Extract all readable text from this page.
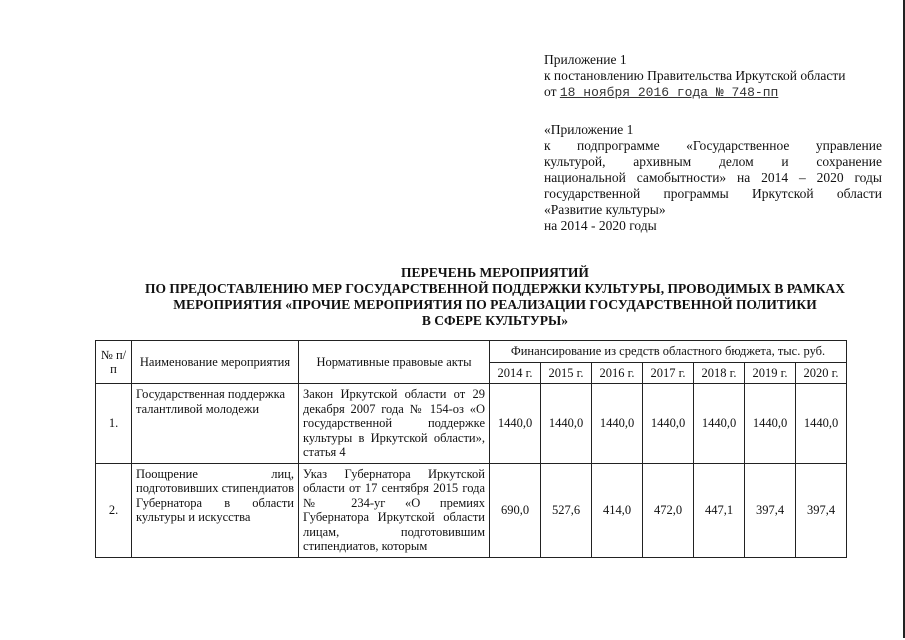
Приложение 1

к постановлению Правительства Иркутской области

от 18 ноября 2016 года № 748-пп

«Приложение 1

к подпрограмме «Государственное управление

культурой, архивным делом и сохранение

национальной самобытности» на 2014 – 2020 годы

государственной программы Иркутской области

«Развитие культуры»

на 2014 - 2020 годы

ПЕРЕЧЕНЬ МЕРОПРИЯТИЙ

ПО ПРЕДОСТАВЛЕНИЮ МЕР ГОСУДАРСТВЕННОЙ ПОДДЕРЖКИ КУЛЬТУРЫ, ПРОВОДИМЫХ В РАМКАХ

МЕРОПРИЯТИЯ «ПРОЧИЕ МЕРОПРИЯТИЯ ПО РЕАЛИЗАЦИИ ГОСУДАРСТВЕННОЙ ПОЛИТИКИ

В СФЕРЕ КУЛЬТУРЫ»

№ п/п	Наименование мероприятия	Нормативные правовые акты	Финансирование из средств областного бюджета, тыс. руб.						
			2014 г.	2015 г.	2016 г.	2017 г.	2018 г.	2019 г.	2020 г.
1.	Государственная поддержка талантливой молодежи	Закон Иркутской области от 29 декабря 2007 года № 154-оз «О государственной поддержке культуры в Иркутской области», статья 4	1440,0	1440,0	1440,0	1440,0	1440,0	1440,0	1440,0
2.	Поощрение лиц, подготовивших стипендиатов Губернатора в области культуры и искусства	Указ Губернатора Иркутской области от 17 сентября 2015 года № 234-уг «О премиях Губернатора Иркутской области лицам, подготовившим стипендиатов, которым	690,0	527,6	414,0	472,0	447,1	397,4	397,4
